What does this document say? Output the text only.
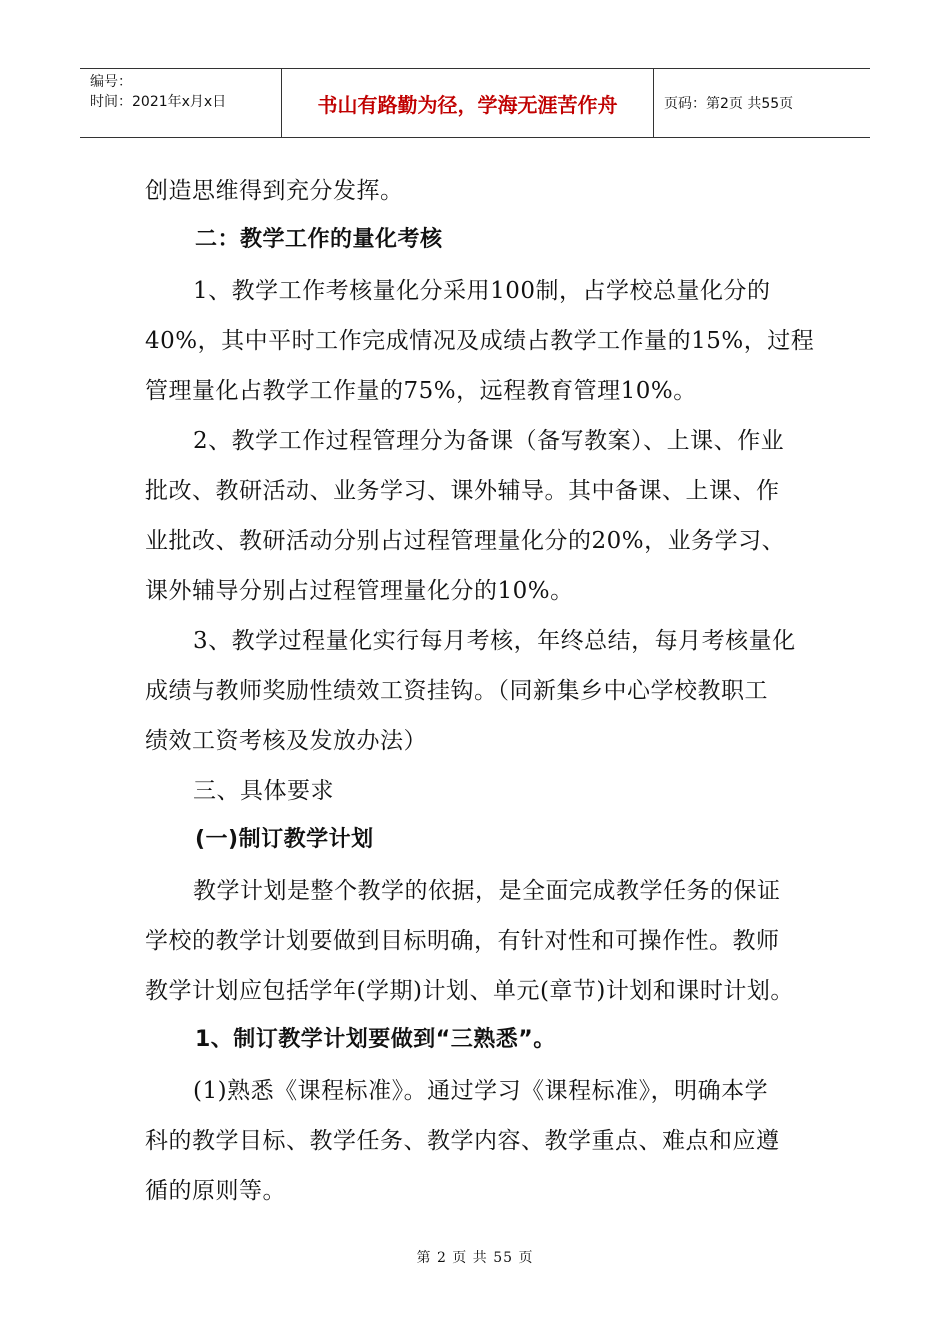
编号：
时间：2021年x月x日	书山有路勤为径，学海无涯苦作舟	页码：第2页 共55页
创造思维得到充分发挥。
二：教学工作的量化考核
1、教学工作考核量化分采用100制，占学校总量化分的
40%，其中平时工作完成情况及成绩占教学工作量的15%，过程
管理量化占教学工作量的75%，远程教育管理10%。
2、教学工作过程管理分为备课（备写教案）、上课、作业
批改、教研活动、业务学习、课外辅导。其中备课、上课、作
业批改、教研活动分别占过程管理量化分的20%，业务学习、
课外辅导分别占过程管理量化分的10%。
3、教学过程量化实行每月考核，年终总结，每月考核量化
成绩与教师奖励性绩效工资挂钩。（同新集乡中心学校教职工
绩效工资考核及发放办法）
三、具体要求
(一)制订教学计划
教学计划是整个教学的依据，是全面完成教学任务的保证
学校的教学计划要做到目标明确，有针对性和可操作性。教师
教学计划应包括学年(学期)计划、单元(章节)计划和课时计划。
1、制订教学计划要做到“三熟悉”。
(1)熟悉《课程标准》。通过学习《课程标准》，明确本学
科的教学目标、教学任务、教学内容、教学重点、难点和应遵
循的原则等。
第 2 页 共 55 页
